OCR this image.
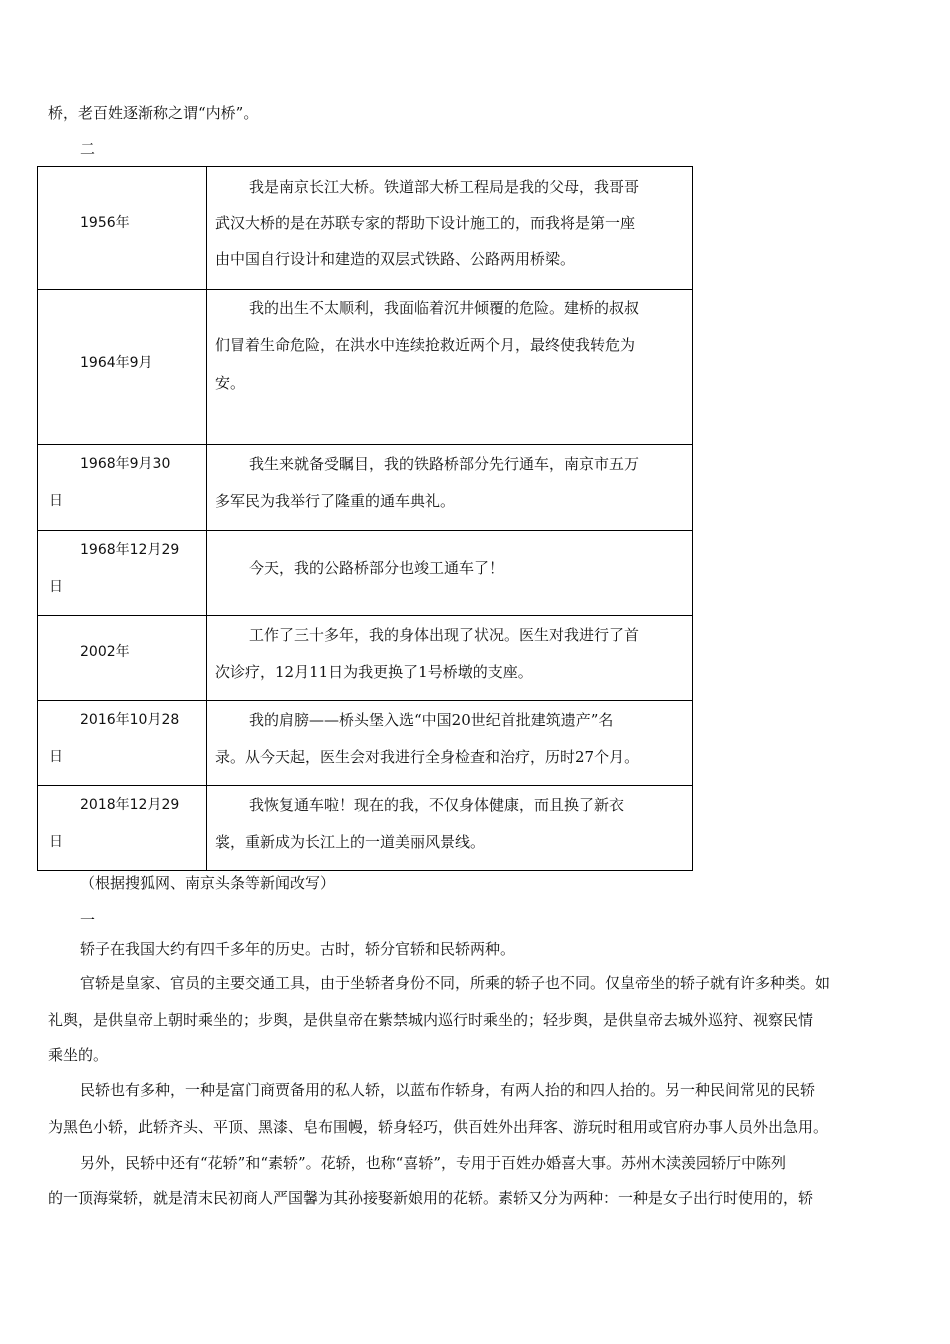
桥，老百姓逐渐称之谓“内桥”。
二
1956年	我是南京长江大桥。铁道部大桥工程局是我的父母，我哥哥
武汉大桥的是在苏联专家的帮助下设计施工的，而我将是第一座
由中国自行设计和建造的双层式铁路、公路两用桥梁。

1964年9月	我的出生不太顺利，我面临着沉井倾覆的危险。建桥的叔叔
们冒着生命危险，在洪水中连续抢救近两个月，最终使我转危为
安。

1968年9月30
日	我生来就备受瞩目，我的铁路桥部分先行通车，南京市五万
多军民为我举行了隆重的通车典礼。

1968年12月29
日	今天，我的公路桥部分也竣工通车了！

2002年	工作了三十多年，我的身体出现了状况。医生对我进行了首
次诊疗，12月11日为我更换了1号桥墩的支座。

2016年10月28
日	我的肩膀——桥头堡入选“中国20世纪首批建筑遗产”名
录。从今天起，医生会对我进行全身检查和治疗，历时27个月。

2018年12月29
日	我恢复通车啦！现在的我，不仅身体健康，而且换了新衣
裳，重新成为长江上的一道美丽风景线。
（根据搜狐网、南京头条等新闻改写）
一
轿子在我国大约有四千多年的历史。古时，轿分官轿和民轿两种。
官轿是皇家、官员的主要交通工具，由于坐轿者身份不同，所乘的轿子也不同。仅皇帝坐的轿子就有许多种类。如
礼舆，是供皇帝上朝时乘坐的；步舆，是供皇帝在紫禁城内巡行时乘坐的；轻步舆，是供皇帝去城外巡狩、视察民情
乘坐的。
民轿也有多种，一种是富门商贾备用的私人轿，以蓝布作轿身，有两人抬的和四人抬的。另一种民间常见的民轿
为黑色小轿，此轿齐头、平顶、黑漆、皂布围幔，轿身轻巧，供百姓外出拜客、游玩时租用或官府办事人员外出急用。
另外，民轿中还有“花轿”和“素轿”。花轿，也称“喜轿”，专用于百姓办婚喜大事。苏州木渎羡园轿厅中陈列
的一顶海棠轿，就是清末民初商人严国馨为其孙接娶新娘用的花轿。素轿又分为两种：一种是女子出行时使用的，轿
